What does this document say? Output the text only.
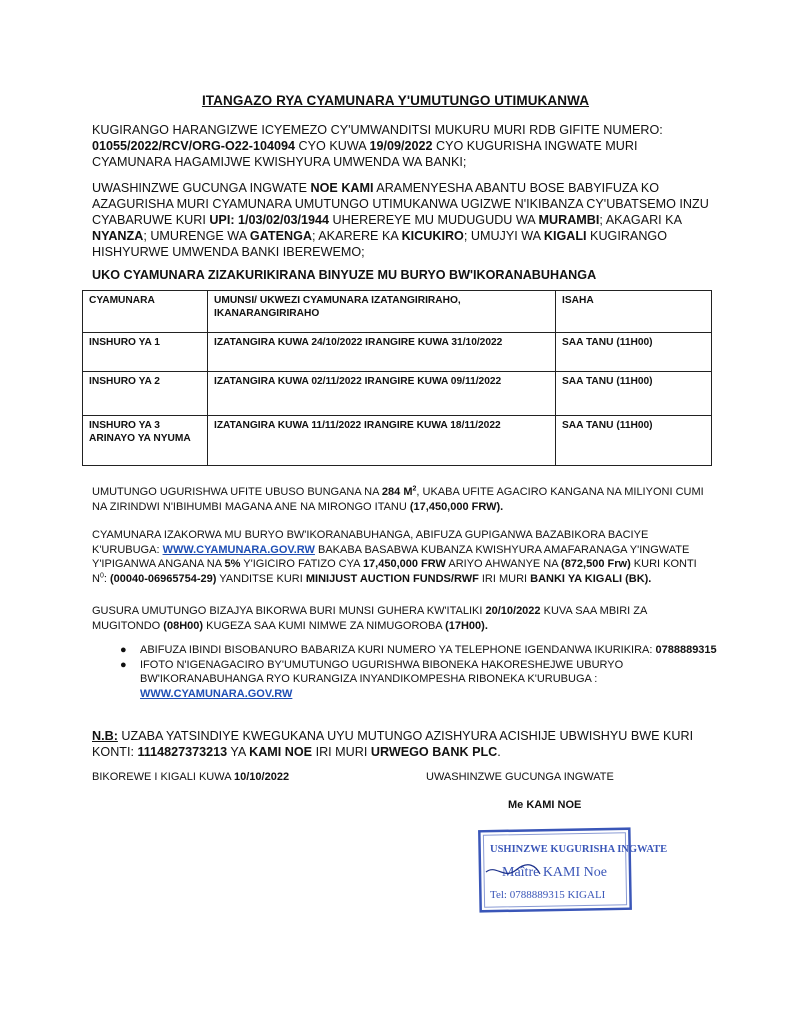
ITANGAZO RYA CYAMUNARA Y'UMUTUNGO UTIMUKANWA
KUGIRANGO HARANGIZWE ICYEMEZO CY'UMWANDITSI MUKURU MURI RDB GIFITE NUMERO: 01055/2022/RCV/ORG-O22-104094 CYO KUWA 19/09/2022 CYO KUGURISHA INGWATE MURI CYAMUNARA HAGAMIJWE KWISHYURA UMWENDA WA BANKI;
UWASHINZWE GUCUNGA INGWATE NOE KAMI ARAMENYESHA ABANTU BOSE BABYIFUZA KO AZAGURISHA MURI CYAMUNARA UMUTUNGO UTIMUKANWA UGIZWE N'IKIBANZA CY'UBATSEMO INZU CYABARUWE KURI UPI: 1/03/02/03/1944 UHEREREYE MU MUDUGUDU WA MURAMBI; AKAGARI KA NYANZA; UMURENGE WA GATENGA; AKARERE KA KICUKIRO; UMUJYI WA KIGALI KUGIRANGO HISHYURWE UMWENDA BANKI IBEREWEMO;
UKO CYAMUNARA ZIZAKURIKIRANA BINYUZE MU BURYO BW'IKORANABUHANGA
CYAMUNARA	UMUNSI/ UKWEZI CYAMUNARA IZATANGIRIRAHO, IKANARANGIRIRAHO	ISAHA
INSHURO YA 1	IZATANGIRA KUWA 24/10/2022 IRANGIRE KUWA 31/10/2022	SAA TANU (11H00)
INSHURO YA 2	IZATANGIRA KUWA 02/11/2022 IRANGIRE KUWA 09/11/2022	SAA TANU (11H00)
INSHURO YA 3 ARINAYO YA NYUMA	IZATANGIRA KUWA 11/11/2022 IRANGIRE KUWA 18/11/2022	SAA TANU (11H00)
UMUTUNGO UGURISHWA UFITE UBUSO BUNGANA NA 284 $M^2$, UKABA UFITE AGACIRO KANGANA NA MILIYONI CUMI NA ZIRINDWI N'IBIHUMBI MAGANA ANE NA MIRONGO ITANU (17,450,000 FRW).
CYAMUNARA IZAKORWA MU BURYO BW'IKORANABUHANGA, ABIFUZA GUPIGANWA BAZABIKORA BACIYE K'URUBUGA: WWW.CYAMUNARA.GOV.RW BAKABA BASABWA KUBANZA KWISHYURA AMAFARANAGA Y'INGWATE Y'IPIGANWA ANGANA NA 5% Y'IGICIRO FATIZO CYA 17,450,000 FRW ARIYO AHWANYE NA (872,500 Frw) KURI KONTI $N^0$: (00040-06965754-29) YANDITSE KURI MINIJUST AUCTION FUNDS/RWF IRI MURI BANKI YA KIGALI (BK).
GUSURA UMUTUNGO BIZAJYA BIKORWA BURI MUNSI GUHERA KW'ITALIKI 20/10/2022 KUVA SAA MBIRI ZA MUGITONDO (08H00) KUGEZA SAA KUMI NIMWE ZA NIMUGOROBA (17H00).
● ABIFUZA IBINDI BISOBANURO BABARIZA KURI NUMERO YA TELEPHONE IGENDANWA IKURIKIRA: 0788889315
● IFOTO N'IGENAGACIRO BY'UMUTUNGO UGURISHWA BIBONEKA HAKORESHEJWE UBURYO BW'IKORANABUHANGA RYO KURANGIZA INYANDIKOMPESHA RIBONEKA K'URUBUGA : WWW.CYAMUNARA.GOV.RW
N.B: UZABA YATSINDIYE KWEGUKANA UYU MUTUNGO AZISHYURA ACISHIJE UBWISHYU BWE KURI KONTI: 1114827373213 YA KAMI NOE IRI MURI URWEGO BANK PLC.
BIKOREWE I KIGALI KUWA 10/10/2022	UWASHINZWE GUCUNGA INGWATE
Me KAMI NOE
USHINZWE KUGURISHA INGWATE
Maître KAMI Noe
Tel: 0788889315 KIGALI
